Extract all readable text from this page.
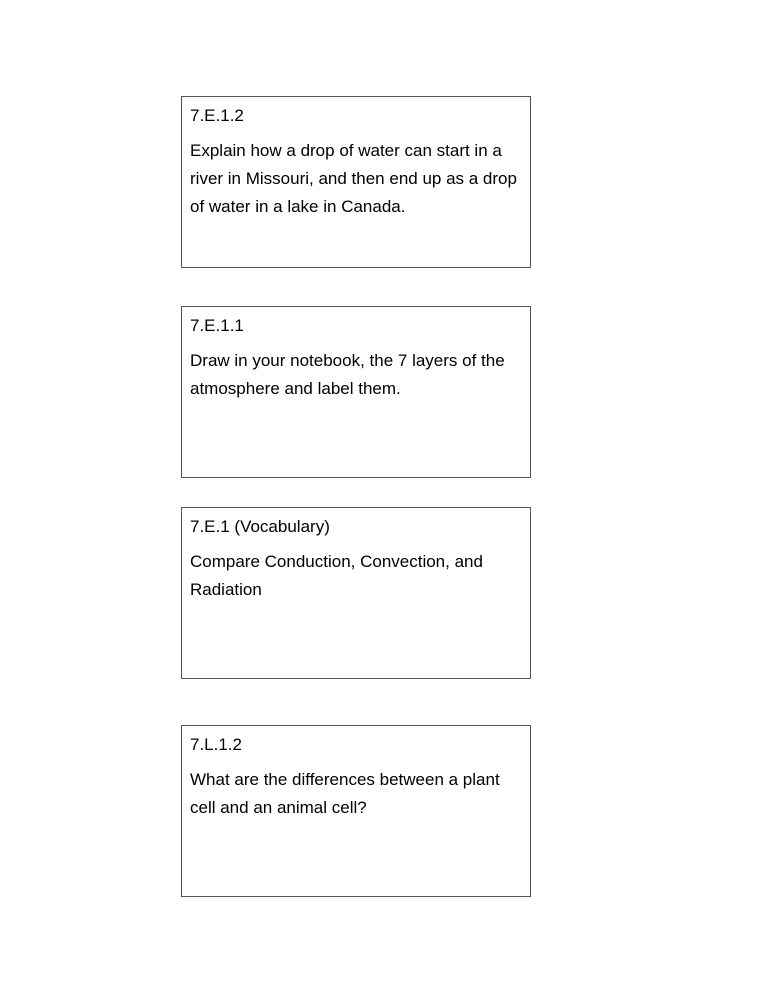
7.E.1.2

Explain how a drop of water can start in a river in Missouri, and then end up as a drop of water in a lake in Canada.

7.E.1.1

Draw in your notebook, the 7 layers of the atmosphere and label them.

7.E.1 (Vocabulary)

Compare Conduction, Convection, and Radiation

7.L.1.2

What are the differences between a plant cell and an animal cell?
